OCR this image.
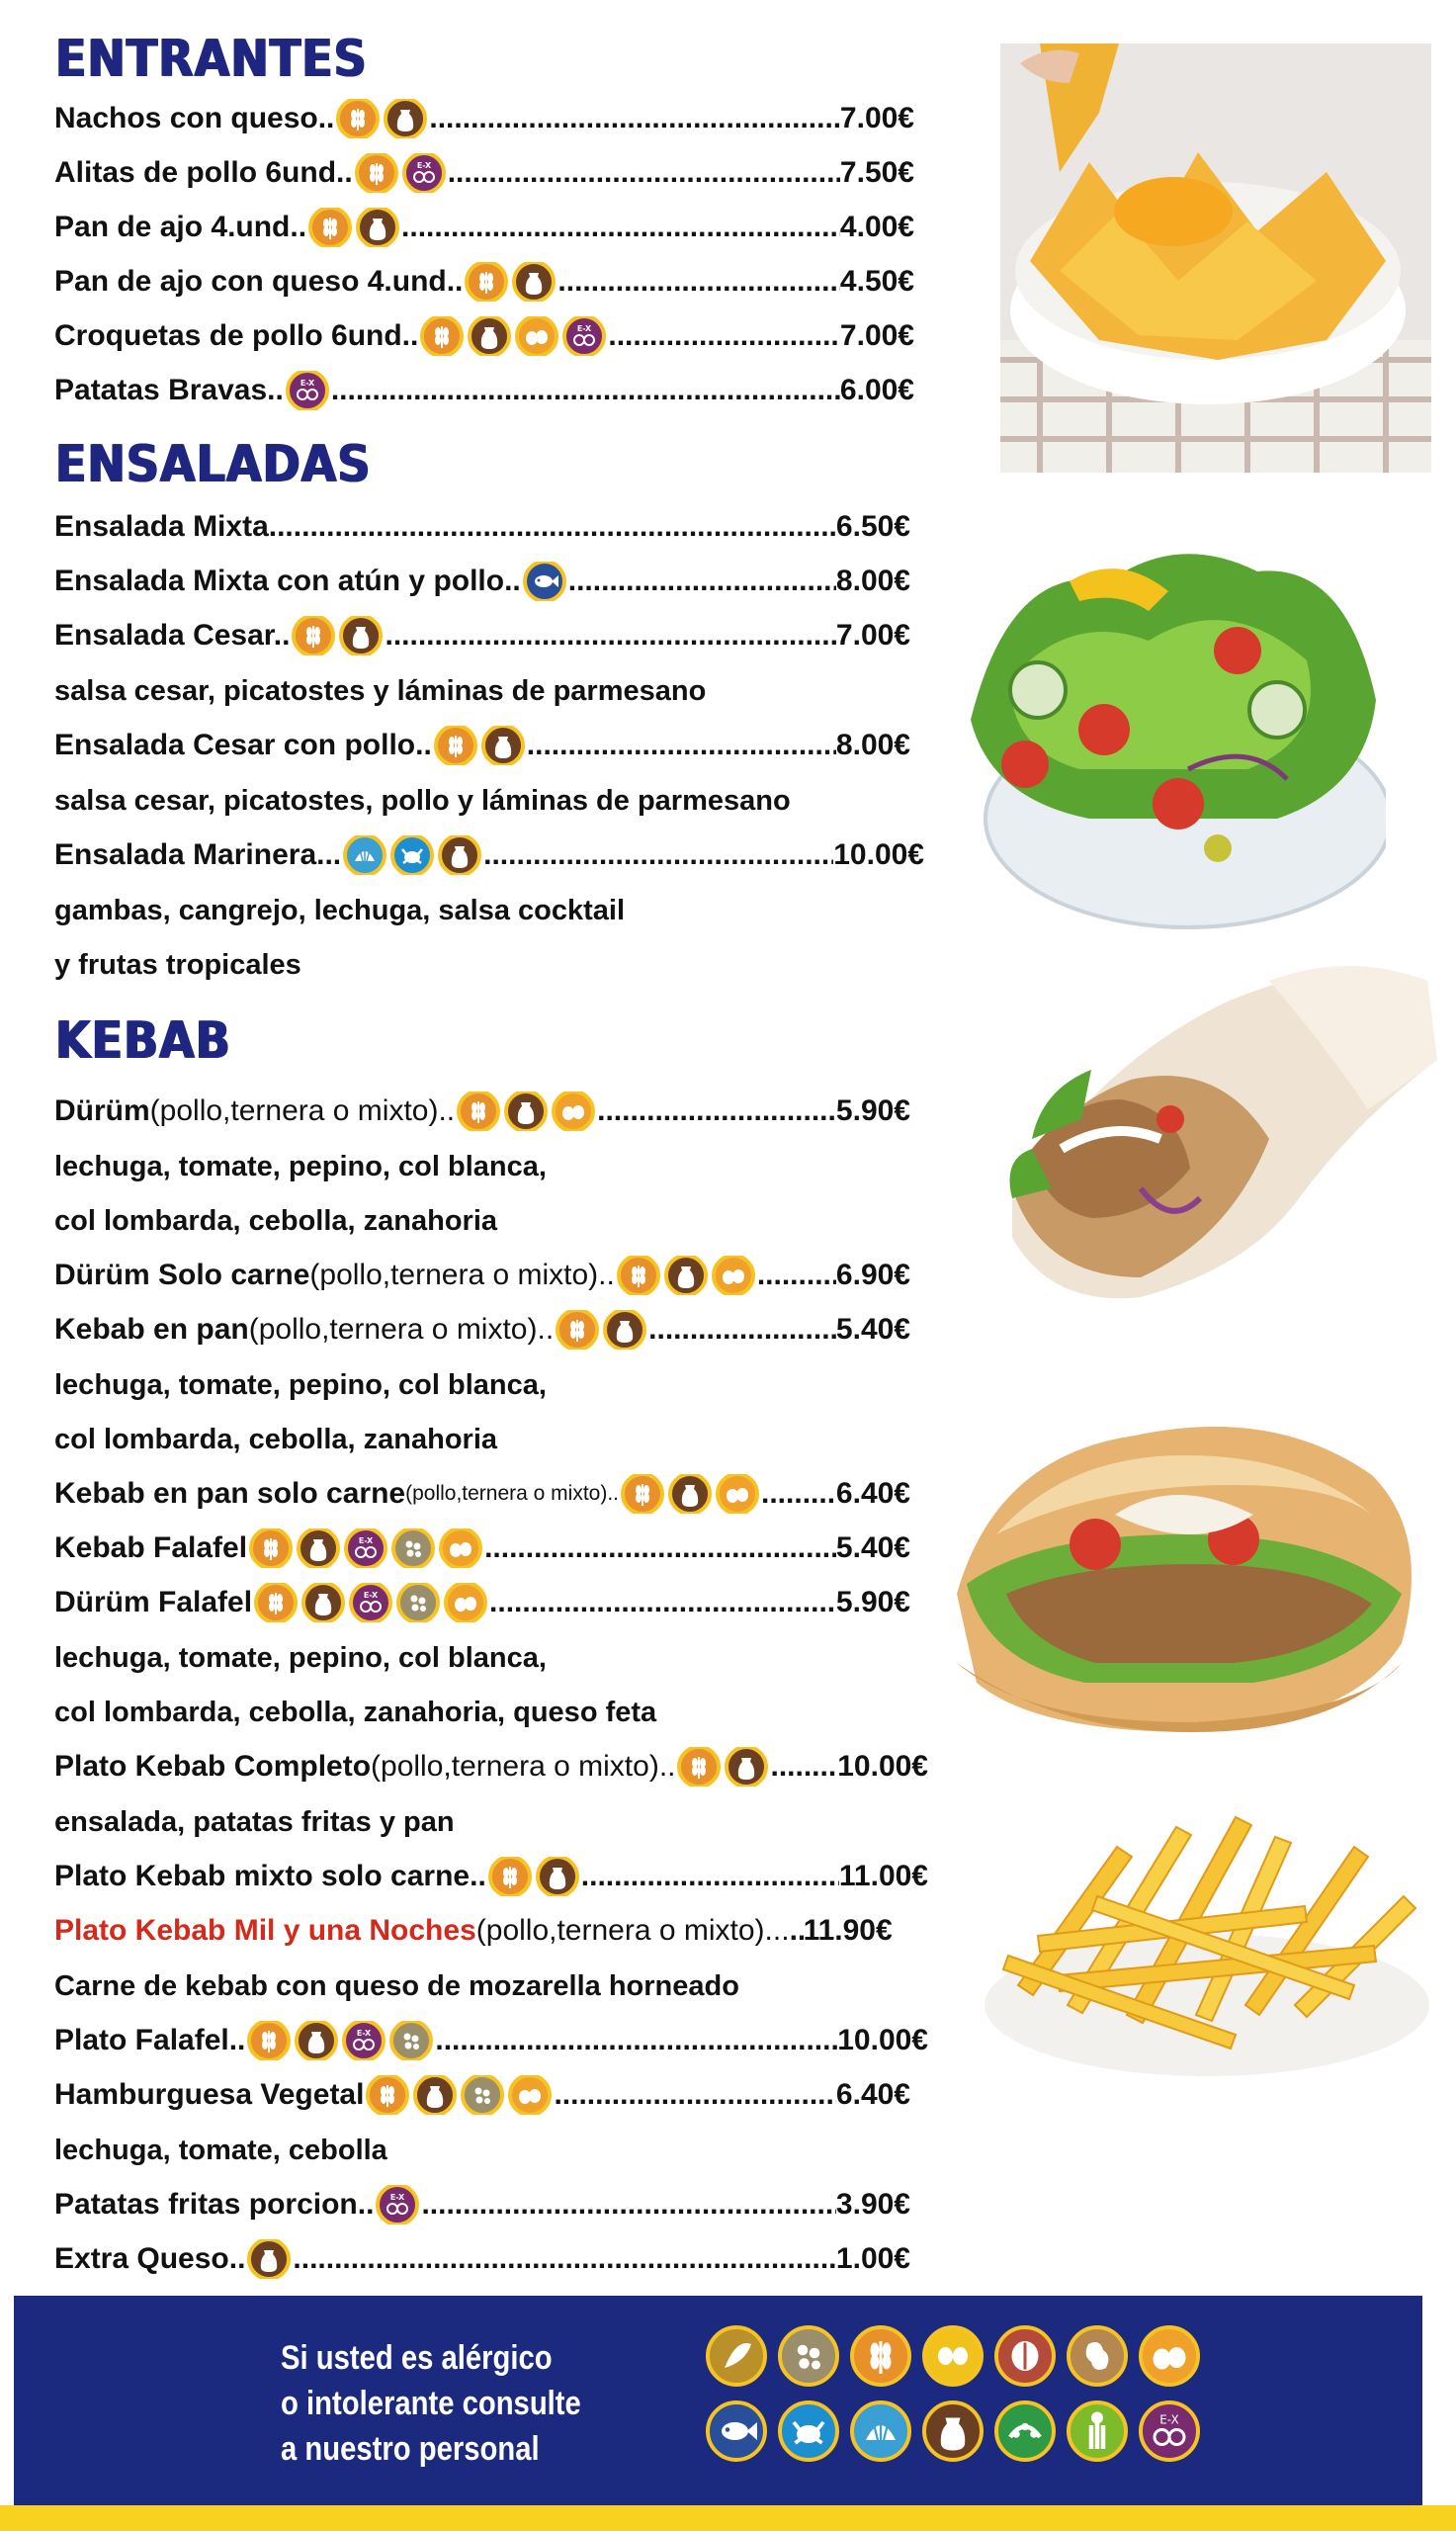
ENTRANTES
Nachos con queso.. .....	7.00€
Alitas de pollo 6und..	E-X .....	7.50€
Pan de ajo 4.und.. .....	4.00€
Pan de ajo con queso 4.und.. .....	4.50€
Croquetas de pollo 6und..	E-X .....	7.00€
Patatas Bravas.. E-X .....	6.00€
ENSALADAS
Ensalada Mixta .....	6.50€
Ensalada Mixta con atún y pollo.. .....	8.00€
Ensalada Cesar.. .....	7.00€
salsa cesar, picatostes y láminas de parmesano
Ensalada Cesar con pollo.. .....	8.00€
salsa cesar, picatostes, pollo y láminas de parmesano
Ensalada Marinera... .....	10.00€
gambas, cangrejo, lechuga, salsa cocktail
y frutas tropicales
KEBAB
Dürüm (pollo,ternera o mixto).. .....	5.90€
lechuga, tomate, pepino, col blanca,
col lombarda, cebolla, zanahoria
Dürüm Solo carne (pollo,ternera o mixto).. .....	6.90€
Kebab en pan (pollo,ternera o mixto).. .....	5.40€
lechuga, tomate, pepino, col blanca,
col lombarda, cebolla, zanahoria
Kebab en pan solo carne (pollo,ternera o mixto).. .....	6.40€
Kebab Falafel	E-X .....	5.40€
Dürüm Falafel	E-X .....	5.90€
lechuga, tomate, pepino, col blanca,
col lombarda, cebolla, zanahoria, queso feta
Plato Kebab Completo (pollo,ternera o mixto).. .....	10.00€
ensalada, patatas fritas y pan
Plato Kebab mixto solo carne.. .....	11.00€
Plato Kebab Mil y una Noches (pollo,ternera o mixto)... ..... 11.90€
Carne de kebab con queso de mozarella horneado
Plato Falafel..	E-X .....	10.00€
Hamburguesa Vegetal .....	6.40€
lechuga, tomate, cebolla
Patatas fritas porcion.. E-X .....	3.90€
Extra Queso.. .....	1.00€
Si usted es alérgico
o intolerante consulte
a nuestro personal
E-X
